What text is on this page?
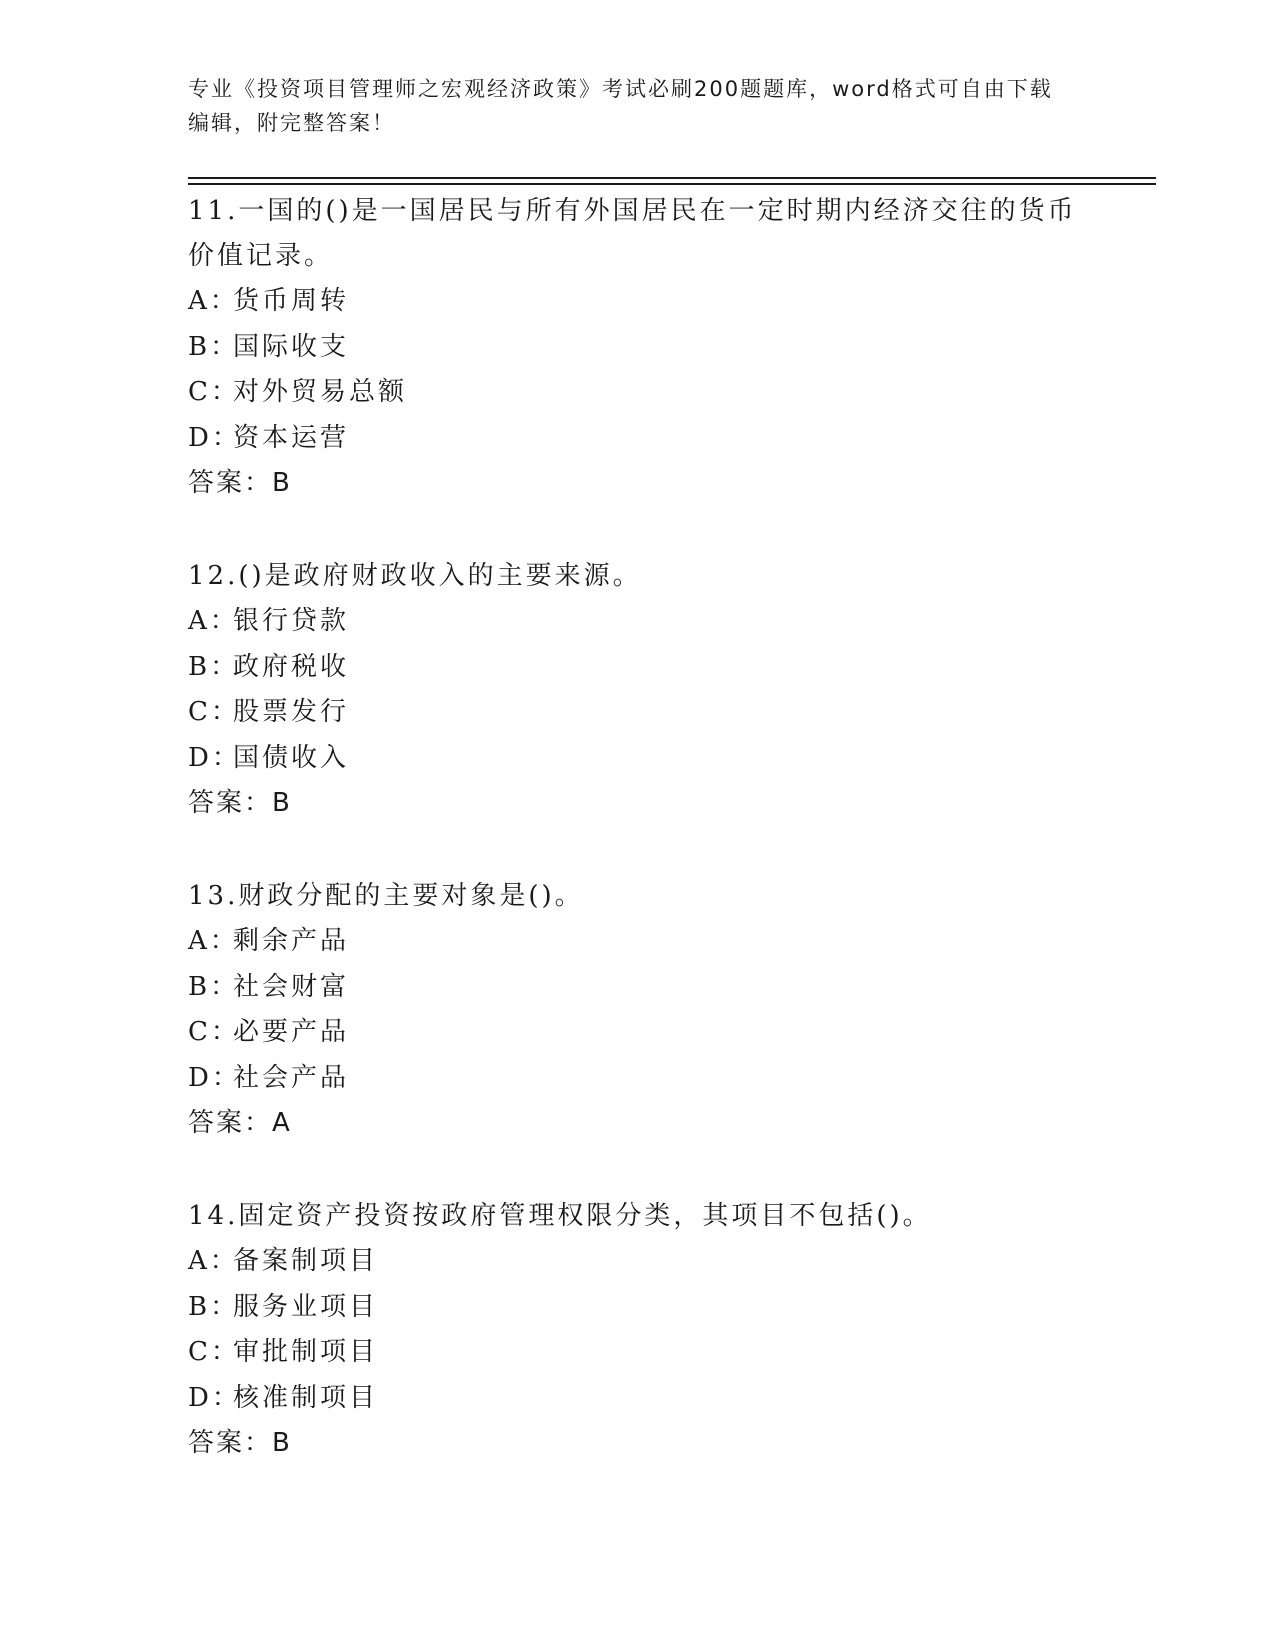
专业《投资项目管理师之宏观经济政策》考试必刷200题题库，word格式可自由下载编辑，附完整答案！

11.一国的()是一国居民与所有外国居民在一定时期内经济交往的货币价值记录。

A：货币周转

B：国际收支

C：对外贸易总额

D：资本运营

答案：B

12.()是政府财政收入的主要来源。

A：银行贷款

B：政府税收

C：股票发行

D：国债收入

答案：B

13.财政分配的主要对象是()。

A：剩余产品

B：社会财富

C：必要产品

D：社会产品

答案：A

14.固定资产投资按政府管理权限分类，其项目不包括()。

A：备案制项目

B：服务业项目

C：审批制项目

D：核准制项目

答案：B
